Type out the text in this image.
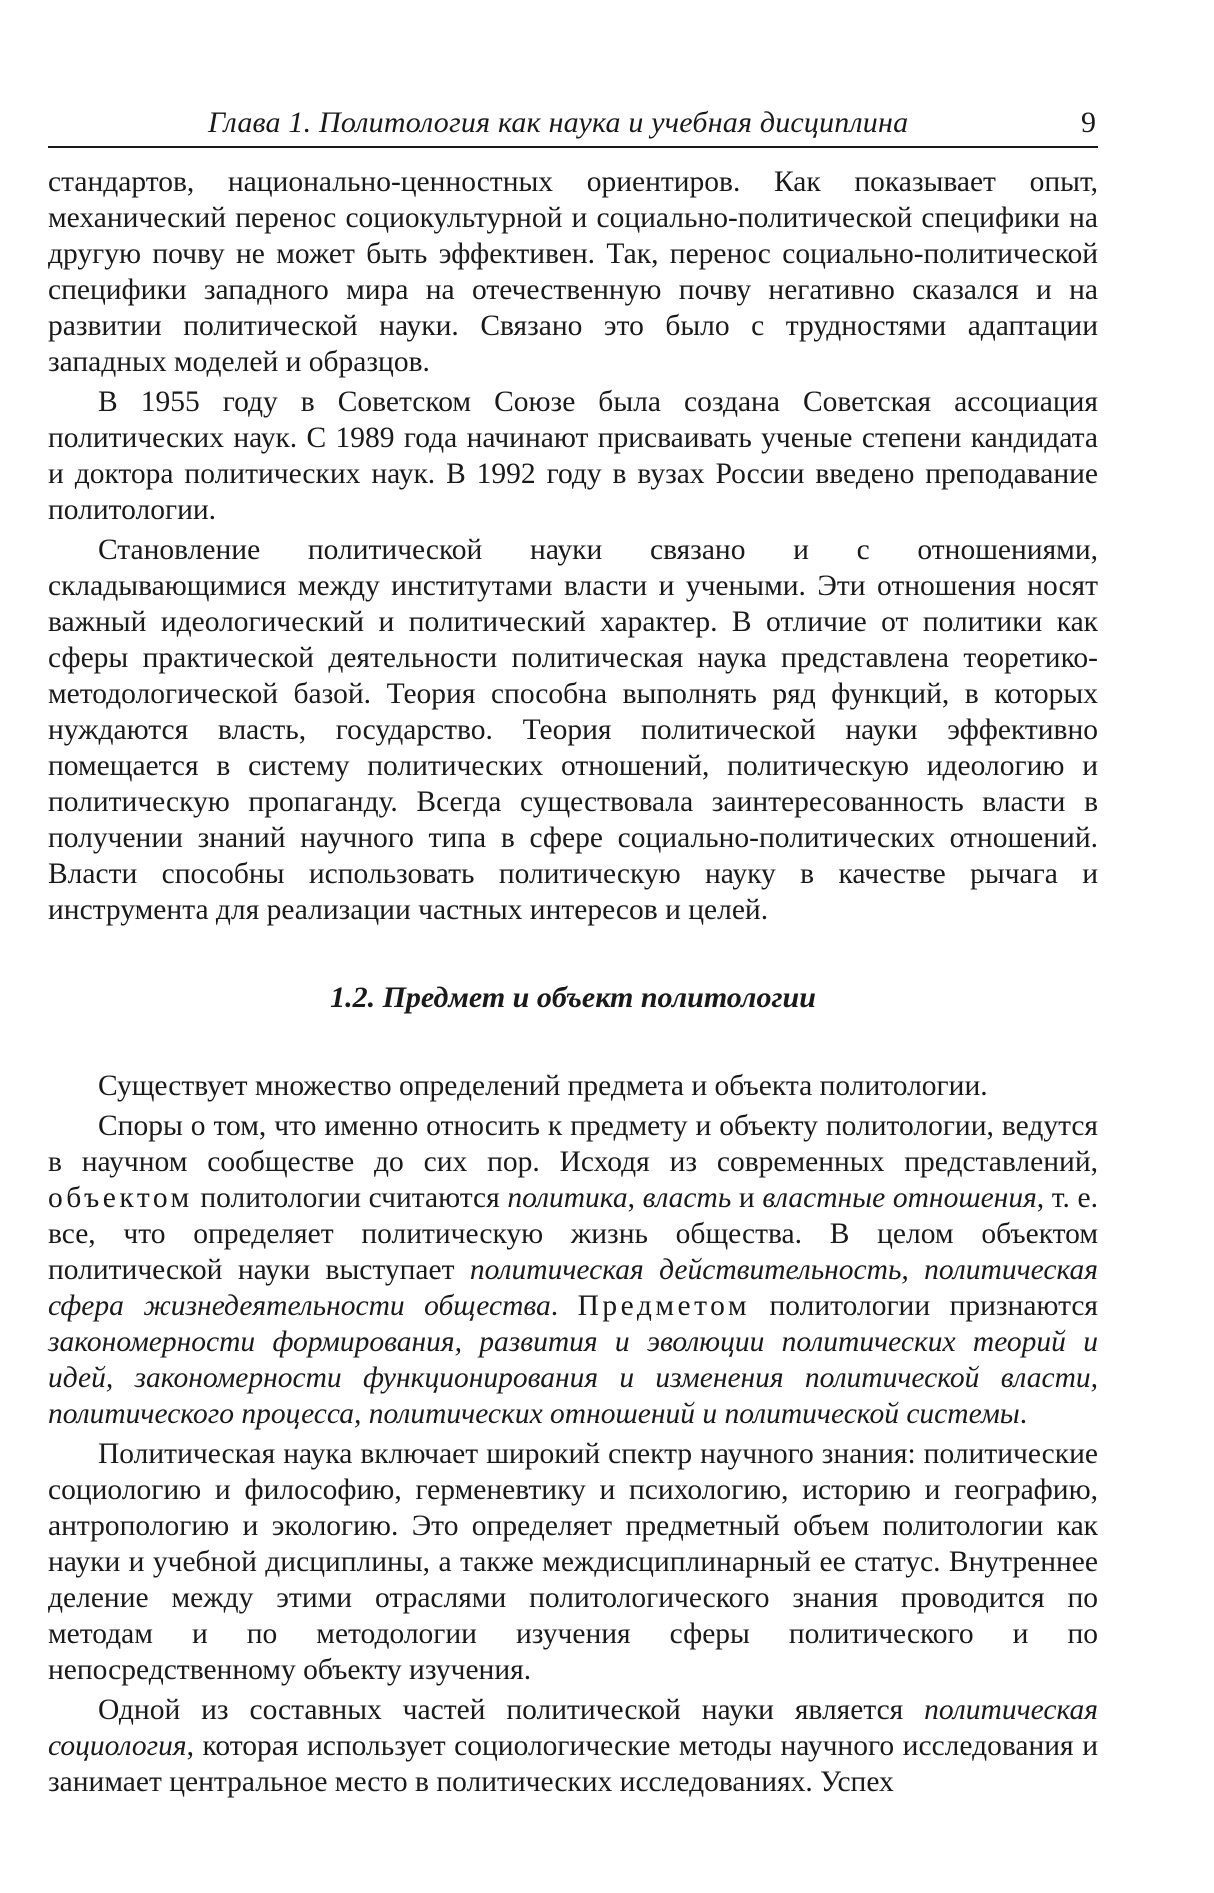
Глава 1. Политология как наука и учебная дисциплина	9

стандартов, национально-ценностных ориентиров. Как показывает опыт, механический перенос социокультурной и социально-политической специфики на другую почву не может быть эффективен. Так, перенос социально-политической специфики западного мира на отечественную почву негативно сказался и на развитии политической науки. Связано это было с трудностями адаптации западных моделей и образцов.

В 1955 году в Советском Союзе была создана Советская ассоциация политических наук. С 1989 года начинают присваивать ученые степени кандидата и доктора политических наук. В 1992 году в вузах России введено преподавание политологии.

Становление политической науки связано и с отношениями, складывающимися между институтами власти и учеными. Эти отношения носят важный идеологический и политический характер. В отличие от политики как сферы практической деятельности политическая наука представлена теоретико-методологической базой. Теория способна выполнять ряд функций, в которых нуждаются власть, государство. Теория политической науки эффективно помещается в систему политических отношений, политическую идеологию и политическую пропаганду. Всегда существовала заинтересованность власти в получении знаний научного типа в сфере социально-политических отношений. Власти способны использовать политическую науку в качестве рычага и инструмента для реализации частных интересов и целей.

1.2. Предмет и объект политологии

Существует множество определений предмета и объекта политологии.

Споры о том, что именно относить к предмету и объекту политологии, ведутся в научном сообществе до сих пор. Исходя из современных представлений, объектом политологии считаются политика, власть и властные отношения, т. е. все, что определяет политическую жизнь общества. В целом объектом политической науки выступает политическая действительность, политическая сфера жизнедеятельности общества. Предметом политологии признаются закономерности формирования, развития и эволюции политических теорий и идей, закономерности функционирования и изменения политической власти, политического процесса, политических отношений и политической системы.

Политическая наука включает широкий спектр научного знания: политические социологию и философию, герменевтику и психологию, историю и географию, антропологию и экологию. Это определяет предметный объем политологии как науки и учебной дисциплины, а также междисциплинарный ее статус. Внутреннее деление между этими отраслями политологического знания проводится по методам и по методологии изучения сферы политического и по непосредственному объекту изучения.

Одной из составных частей политической науки является политическая социология, которая использует социологические методы научного исследования и занимает центральное место в политических исследованиях. Успех
